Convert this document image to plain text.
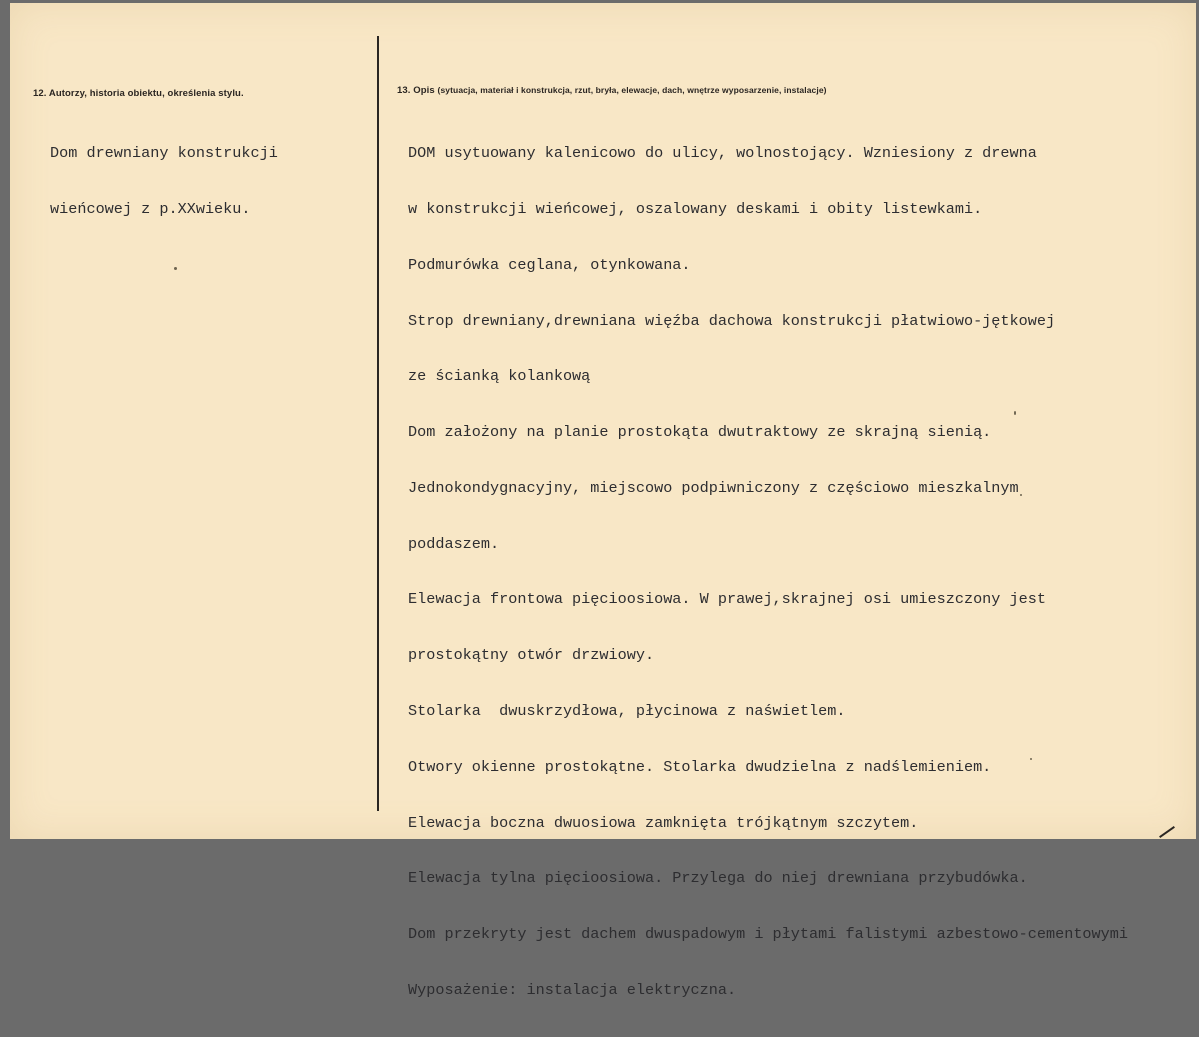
12. Autorzy, historia obiektu, określenia stylu.

Dom drewniany konstrukcji

wieńcowej z p.XXwieku.

13. Opis (sytuacja, materiał i konstrukcja, rzut, bryła, elewacje, dach, wnętrze wyposarzenie, instalacje)

DOM usytuowany kalenicowo do ulicy, wolnostojący. Wzniesiony z drewna

w konstrukcji wieńcowej, oszalowany deskami i obity listewkami.

Podmurówka ceglana, otynkowana.

Strop drewniany,drewniana więźba dachowa konstrukcji płatwiowo-jętkowej

ze ścianką kolankową

Dom założony na planie prostokąta dwutraktowy ze skrajną sienią.

Jednokondygnacyjny, miejscowo podpiwniczony z częściowo mieszkalnym

poddaszem.

Elewacja frontowa pięcioosiowa. W prawej,skrajnej osi umieszczony jest

prostokątny otwór drzwiowy.

Stolarka  dwuskrzydłowa, płycinowa z naświetlem.

Otwory okienne prostokątne. Stolarka dwudzielna z nadślemieniem.

Elewacja boczna dwuosiowa zamknięta trójkątnym szczytem.

Elewacja tylna pięcioosiowa. Przylega do niej drewniana przybudówka.

Dom przekryty jest dachem dwuspadowym i płytami falistymi azbestowo-cementowymi

Wyposażenie: instalacja elektryczna.
